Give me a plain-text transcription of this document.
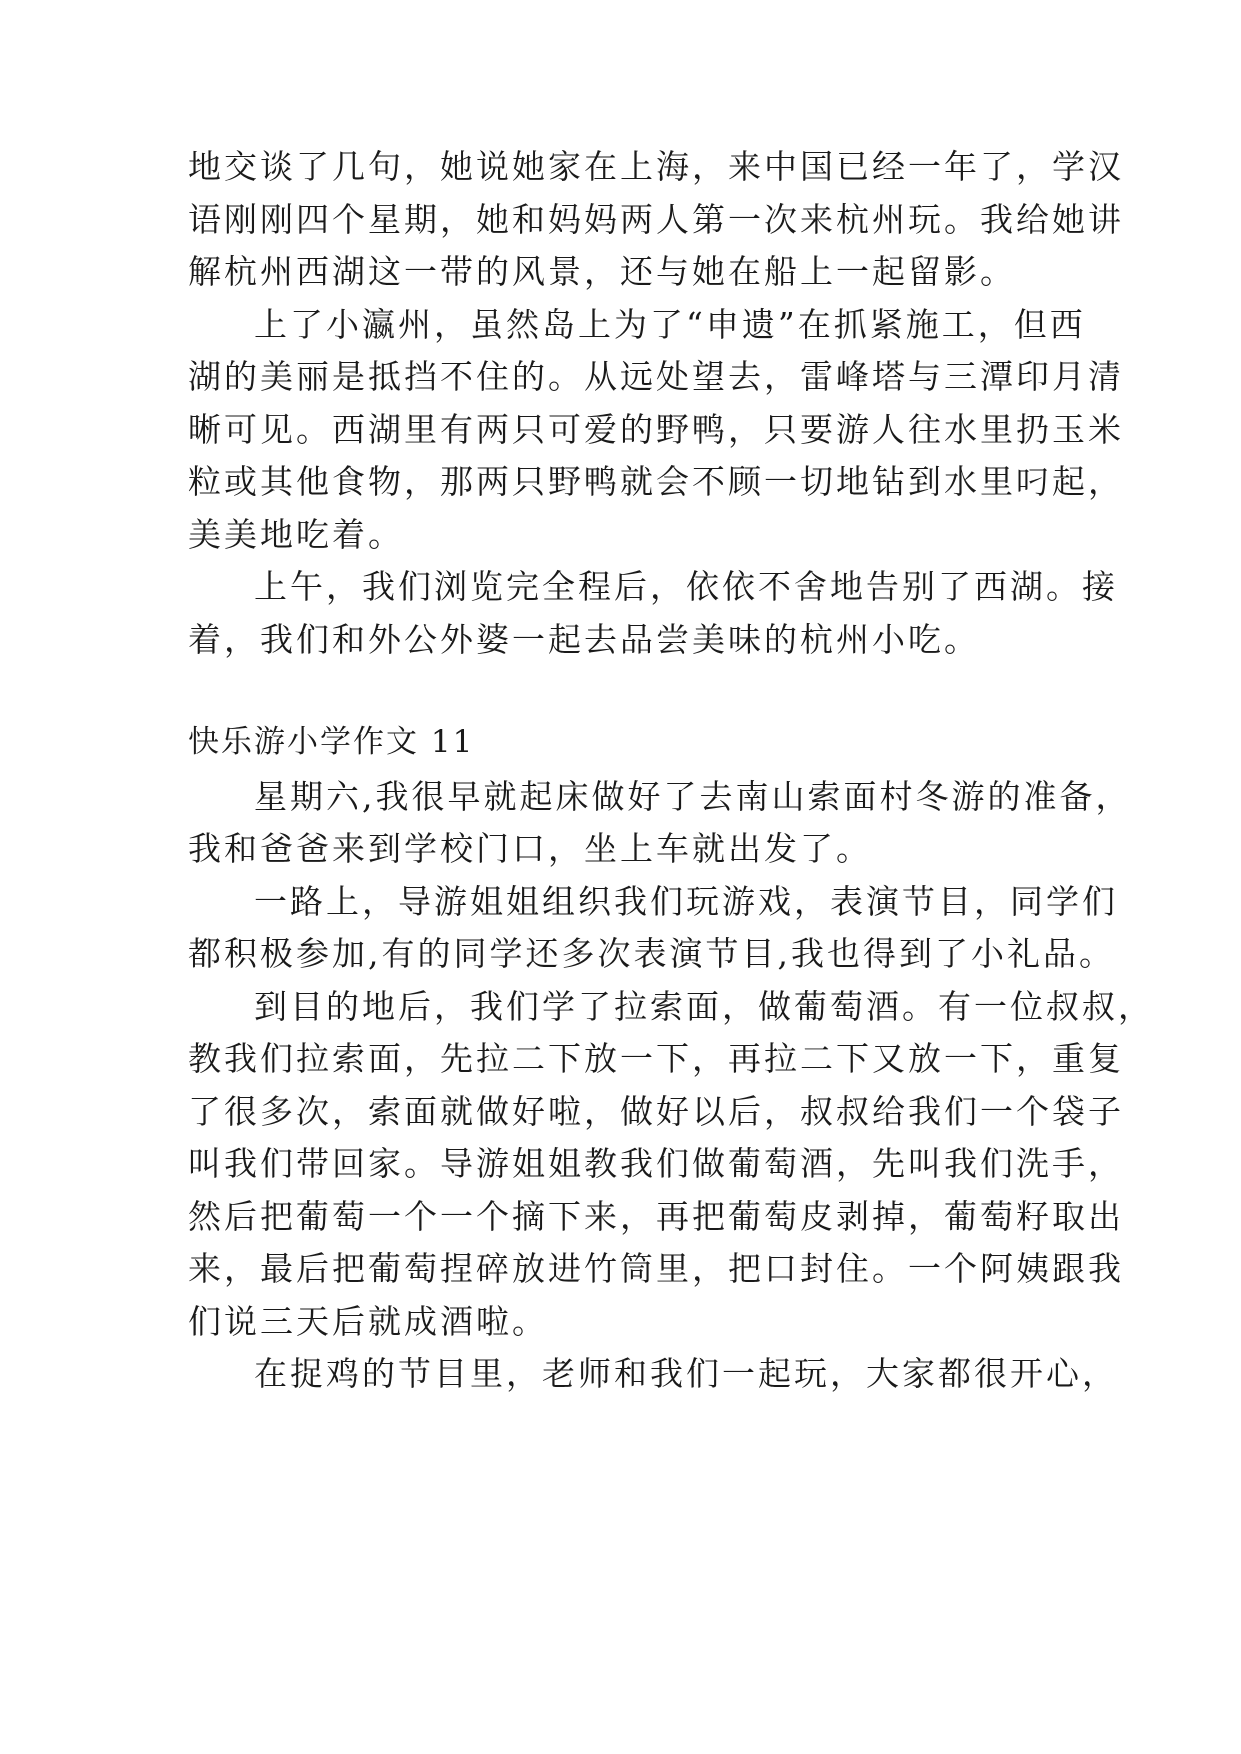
地交谈了几句，她说她家在上海，来中国已经一年了，学汉
语刚刚四个星期，她和妈妈两人第一次来杭州玩。我给她讲
解杭州西湖这一带的风景，还与她在船上一起留影。
上了小瀛州，虽然岛上为了“申遗”在抓紧施工，但西
湖的美丽是抵挡不住的。从远处望去，雷峰塔与三潭印月清
晰可见。西湖里有两只可爱的野鸭，只要游人往水里扔玉米
粒或其他食物，那两只野鸭就会不顾一切地钻到水里叼起，
美美地吃着。
上午，我们浏览完全程后，依依不舍地告别了西湖。接
着，我们和外公外婆一起去品尝美味的杭州小吃。
快乐游小学作文 11
星期六,我很早就起床做好了去南山索面村冬游的准备，
我和爸爸来到学校门口，坐上车就出发了。
一路上，导游姐姐组织我们玩游戏，表演节目，同学们
都积极参加,有的同学还多次表演节目,我也得到了小礼品。
到目的地后，我们学了拉索面，做葡萄酒。有一位叔叔，
教我们拉索面，先拉二下放一下，再拉二下又放一下，重复
了很多次，索面就做好啦，做好以后，叔叔给我们一个袋子
叫我们带回家。导游姐姐教我们做葡萄酒，先叫我们洗手，
然后把葡萄一个一个摘下来，再把葡萄皮剥掉，葡萄籽取出
来，最后把葡萄捏碎放进竹筒里，把口封住。一个阿姨跟我
们说三天后就成酒啦。
在捉鸡的节目里，老师和我们一起玩，大家都很开心，
